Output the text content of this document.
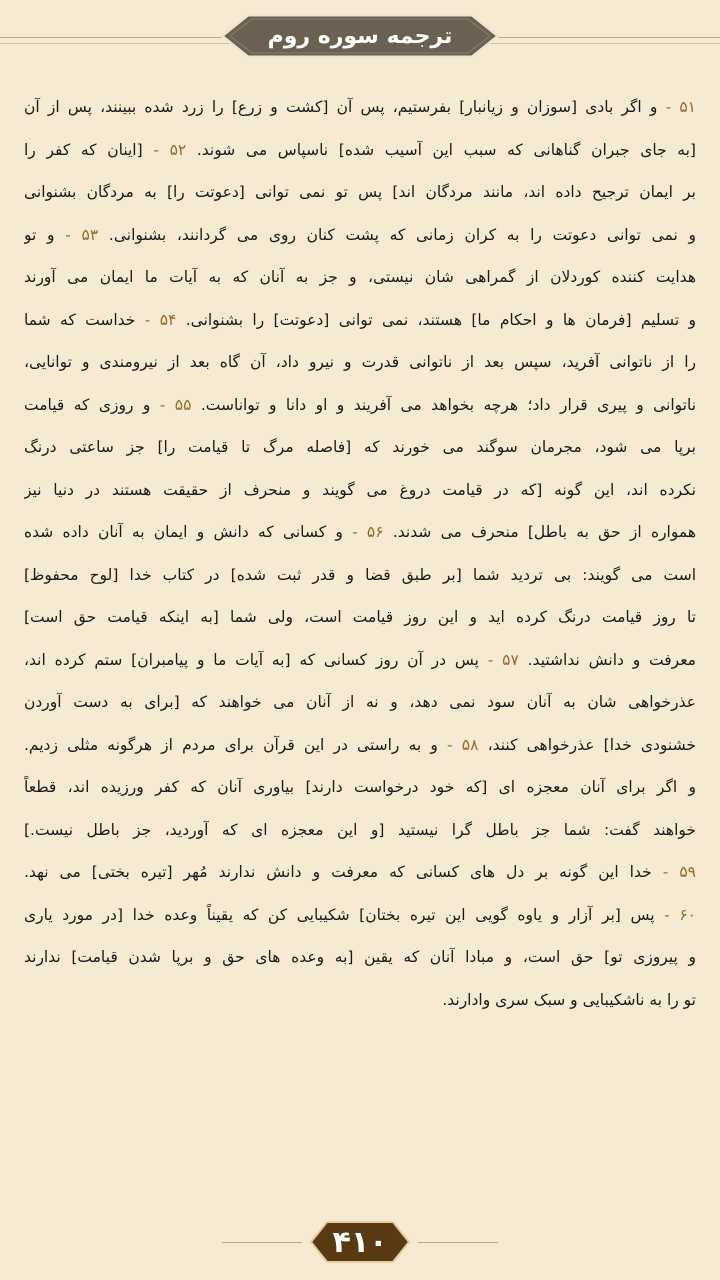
ترجمه سوره روم
۵۱ - و اگر بادی [سوزان و زیانبار] بفرستیم، پس آن [کشت و زرع] را زرد شده ببینند، پس از آن
[به جای جبران گناهانی که سبب این آسیب شده] ناسپاس می شوند. ۵۲ - [اینان که کفر را
بر ایمان ترجیح داده اند، مانند مردگان اند] پس تو نمی توانی [دعوتت را] به مردگان بشنوانی
و نمی توانی دعوتت را به کران زمانی که پشت کنان روی می گردانند، بشنوانی. ۵۳ - و تو
هدایت کننده کوردلان از گمراهی شان نیستی، و جز به آنان که به آیات ما ایمان می آورند
و تسلیم [فرمان ها و احکام ما] هستند، نمی توانی [دعوتت] را بشنوانی. ۵۴ - خداست که شما
را از ناتوانی آفرید، سپس بعد از ناتوانی قدرت و نیرو داد، آن گاه بعد از نیرومندی و توانایی،
ناتوانی و پیری قرار داد؛ هرچه بخواهد می آفریند و او دانا و تواناست. ۵۵ - و روزی که قیامت
برپا می شود، مجرمان سوگند می خورند که [فاصله مرگ تا قیامت را] جز ساعتی درنگ
نکرده اند، این گونه [که در قیامت دروغ می گویند و منحرف از حقیقت هستند در دنیا نیز
همواره از حق به باطل] منحرف می شدند. ۵۶ - و کسانی که دانش و ایمان به آنان داده شده
است می گویند: بی تردید شما [بر طبق قضا و قدر ثبت شده] در کتاب خدا [لوح محفوظ]
تا روز قیامت درنگ کرده اید و این روز قیامت است، ولی شما [به اینکه قیامت حق است]
معرفت و دانش نداشتید. ۵۷ - پس در آن روز کسانی که [به آیات ما و پیامبران] ستم کرده اند،
عذرخواهی شان به آنان سود نمی دهد، و نه از آنان می خواهند که [برای به دست آوردن
خشنودی خدا] عذرخواهی کنند، ۵۸ - و به راستی در این قرآن برای مردم از هرگونه مثلی زدیم.
و اگر برای آنان معجزه ای [که خود درخواست دارند] بیاوری آنان که کفر ورزیده اند، قطعاً
خواهند گفت: شما جز باطل گرا نیستید [و این معجزه ای که آوردید، جز باطل نیست.]
۵۹ - خدا این گونه بر دل های کسانی که معرفت و دانش ندارند مُهر [تیره بختی] می نهد.
۶۰ - پس [بر آزار و یاوه گویی این تیره بختان] شکیبایی کن که یقیناً وعده خدا [در مورد یاری
و پیروزی تو] حق است، و مبادا آنان که یقین [به وعده های حق و برپا شدن قیامت] ندارند
تو را به ناشکیبایی و سبک سری وادارند.
۴۱۰
